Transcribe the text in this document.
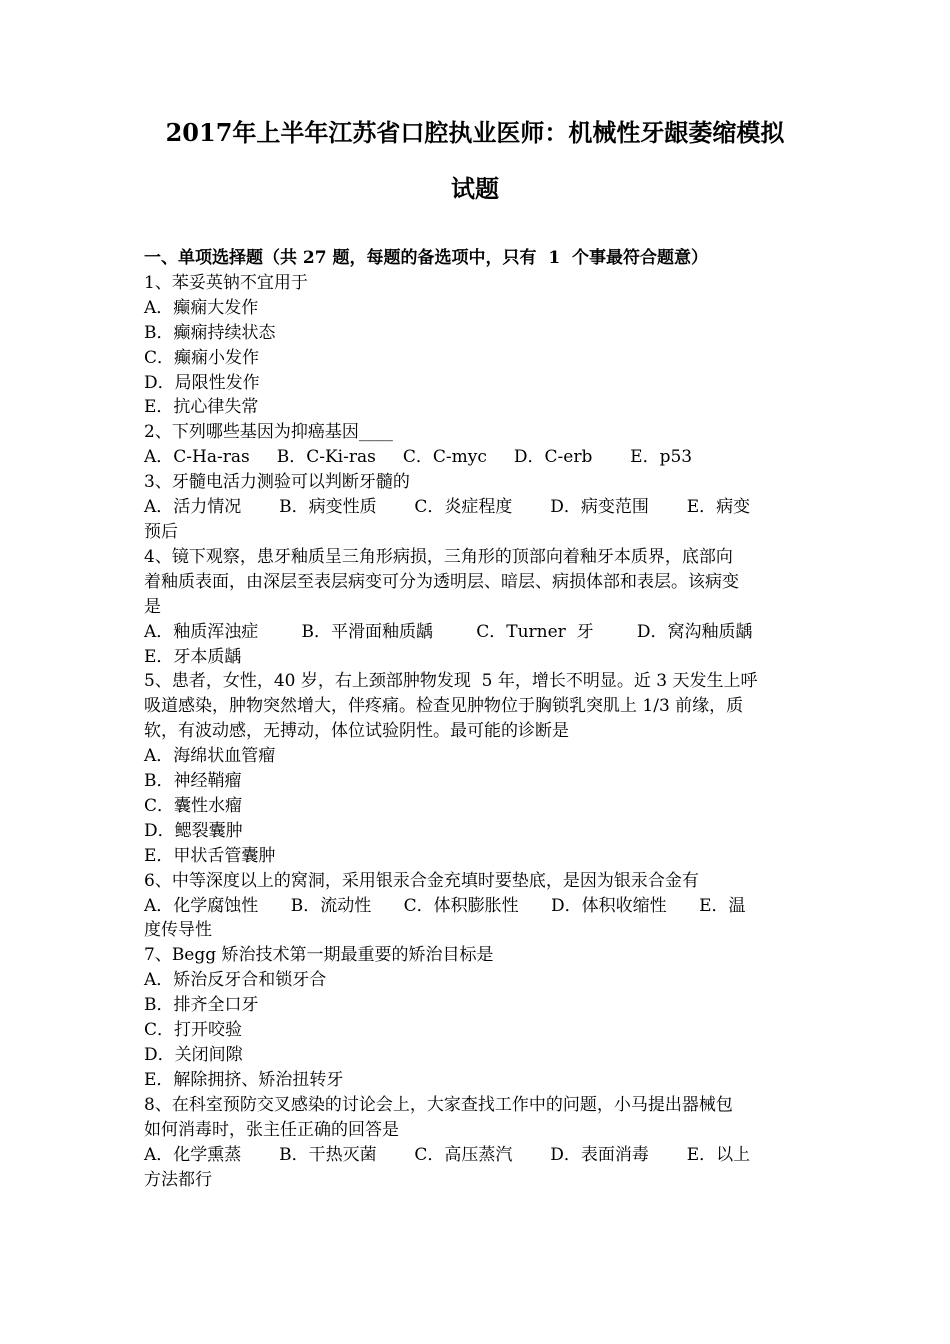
2017年上半年江苏省口腔执业医师：机械性牙龈萎缩模拟
试题
一、单项选择题（共 27 题，每题的备选项中，只有  1  个事最符合题意）
1、苯妥英钠不宜用于
A．癫痫大发作
B．癫痫持续状态
C．癫痫小发作
D．局限性发作
E．抗心律失常
2、下列哪些基因为抑癌基因____
A．C-Ha-ras     B．C-Ki-ras     C．C-myc     D．C-erb       E．p53
3、牙髓电活力测验可以判断牙髓的
A．活力情况       B．病变性质       C．炎症程度       D．病变范围       E．病变
预后
4、镜下观察，患牙釉质呈三角形病损，三角形的顶部向着釉牙本质界，底部向
着釉质表面，由深层至表层病变可分为透明层、暗层、病损体部和表层。该病变
是
A．釉质浑浊症        B．平滑面釉质龋        C．Turner  牙        D．窝沟釉质龋
E．牙本质龋
5、患者，女性，40 岁，右上颈部肿物发现  5 年，增长不明显。近 3 天发生上呼
吸道感染，肿物突然增大，伴疼痛。检查见肿物位于胸锁乳突肌上 1/3 前缘，质
软，有波动感，无搏动，体位试验阴性。最可能的诊断是
A．海绵状血管瘤
B．神经鞘瘤
C．囊性水瘤
D．鳃裂囊肿
E．甲状舌管囊肿
6、中等深度以上的窝洞，采用银汞合金充填时要垫底，是因为银汞合金有
A．化学腐蚀性      B．流动性      C．体积膨胀性      D．体积收缩性      E．温
度传导性
7、Begg 矫治技术第一期最重要的矫治目标是
A．矫治反牙合和锁牙合
B．排齐全口牙
C．打开咬验
D．关闭间隙
E．解除拥挤、矫治扭转牙
8、在科室预防交叉感染的讨论会上，大家查找工作中的问题，小马提出器械包
如何消毒时，张主任正确的回答是
A．化学熏蒸       B．干热灭菌       C．高压蒸汽       D．表面消毒       E．以上
方法都行
